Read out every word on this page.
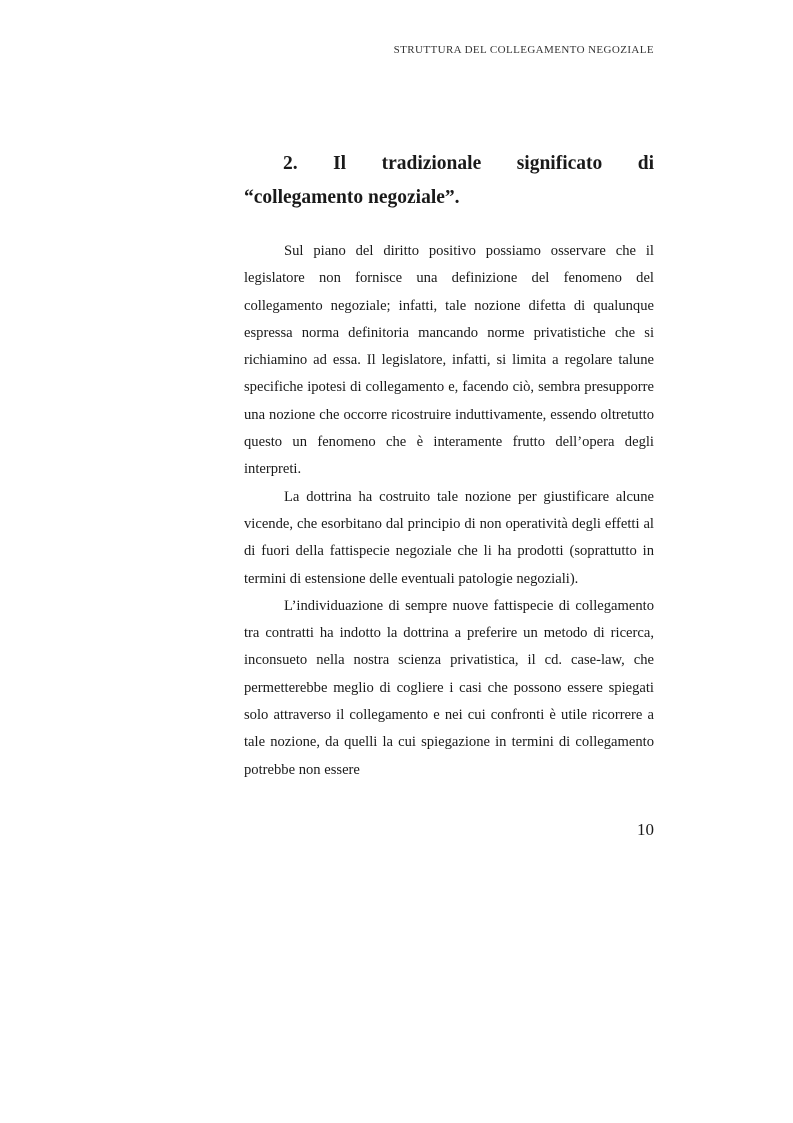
STRUTTURA DEL COLLEGAMENTO NEGOZIALE
2. Il tradizionale significato di “collegamento negoziale”.

Sul piano del diritto positivo possiamo osservare che il legislatore non fornisce una definizione del fenomeno del collegamento negoziale; infatti, tale nozione difetta di qualunque espressa norma definitoria mancando norme privatistiche che si richiamino ad essa. Il legislatore, infatti, si limita a regolare talune specifiche ipotesi di collegamento e, facendo ciò, sembra presupporre una nozione che occorre ricostruire induttivamente, essendo oltretutto questo un fenomeno che è interamente frutto dell’opera degli interpreti.

La dottrina ha costruito tale nozione per giustificare alcune vicende, che esorbitano dal principio di non operatività degli effetti al di fuori della fattispecie negoziale che li ha prodotti (soprattutto in termini di estensione delle eventuali patologie negoziali).

L’individuazione di sempre nuove fattispecie di collegamento tra contratti ha indotto la dottrina a preferire un metodo di ricerca, inconsueto nella nostra scienza privatistica, il cd. case-law, che permetterebbe meglio di cogliere i casi che possono essere spiegati solo attraverso il collegamento e nei cui confronti è utile ricorrere a tale nozione, da quelli la cui spiegazione in termini di collegamento potrebbe non essere

10
